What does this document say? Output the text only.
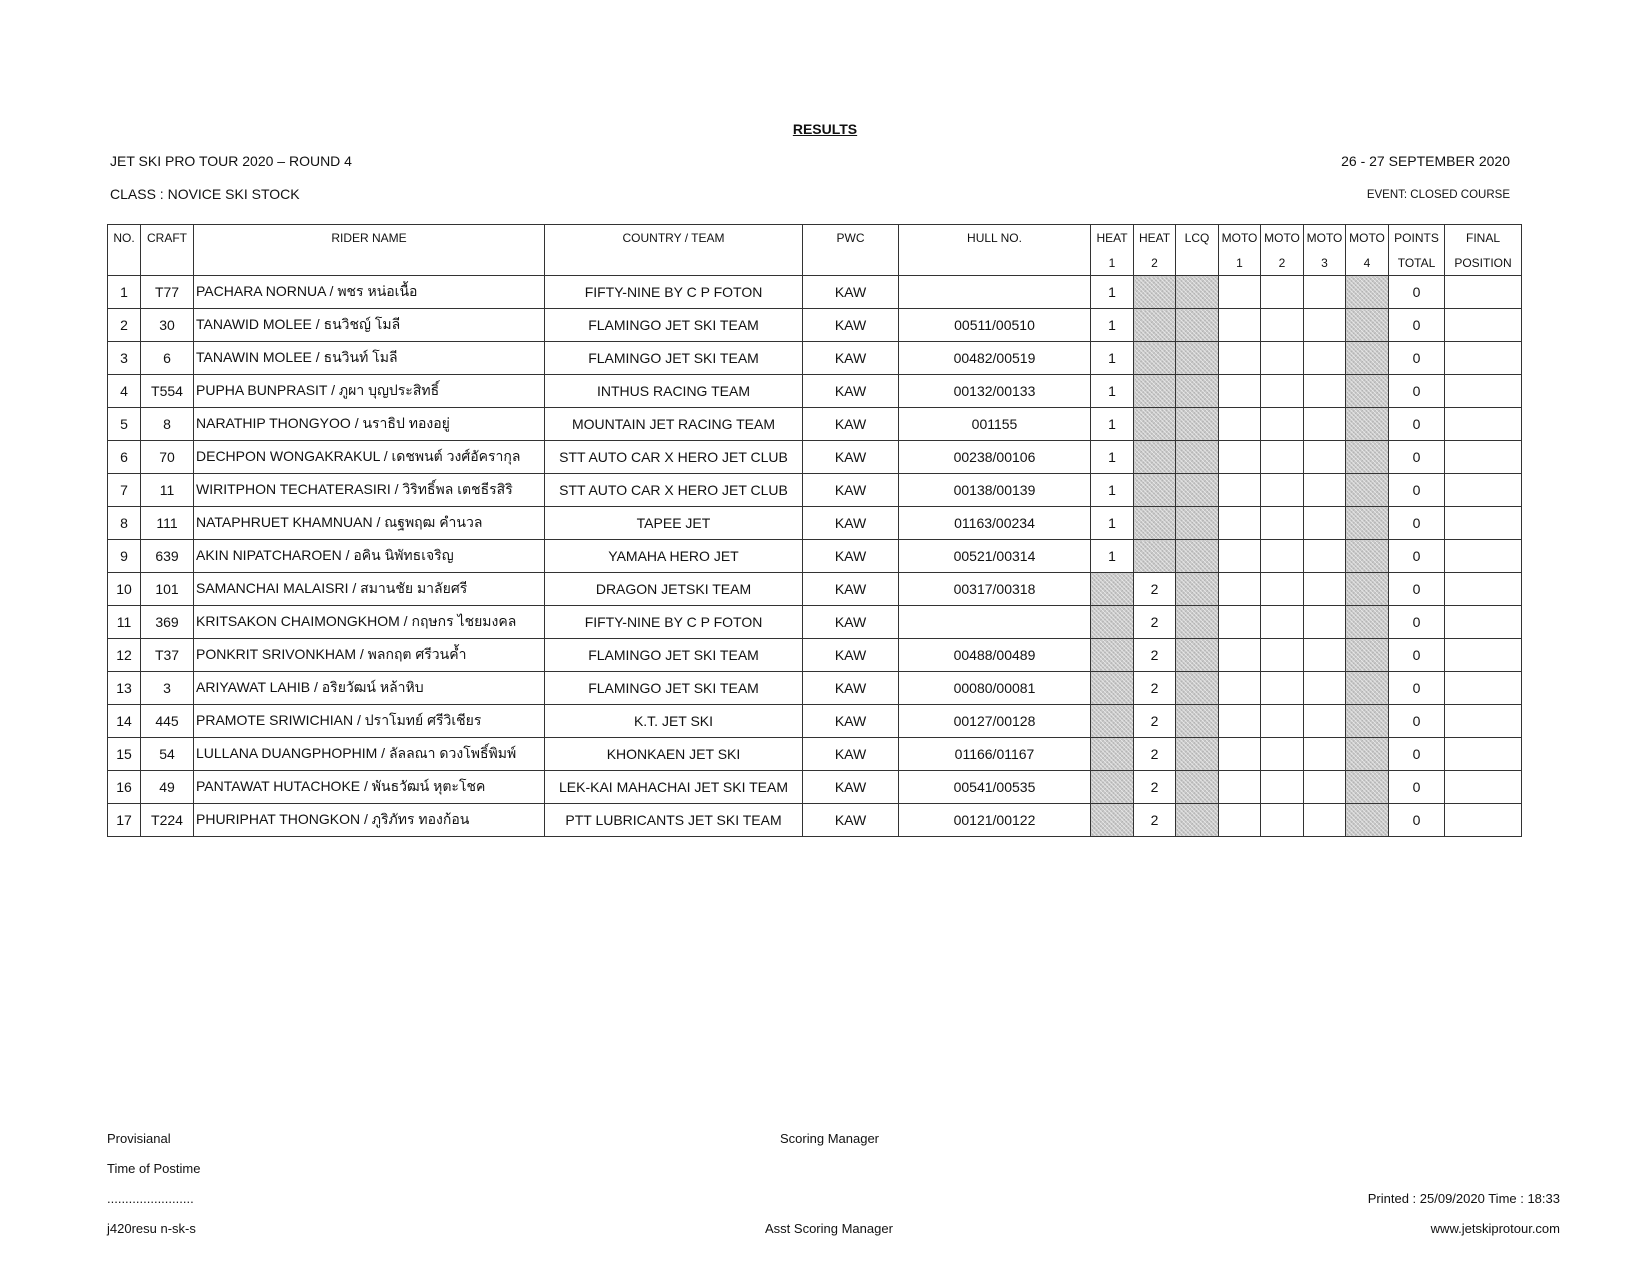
RESULTS
JET SKI PRO TOUR 2020 – ROUND 4	26 - 27 SEPTEMBER 2020
CLASS : NOVICE SKI STOCK	EVENT: CLOSED COURSE
NO.	CRAFT	RIDER NAME	COUNTRY / TEAM	PWC	HULL NO.	HEAT	HEAT	LCQ	MOTO	MOTO	MOTO	MOTO	POINTS	FINAL
						1	2		1	2	3	4	TOTAL	POSITION
1	T77	PACHARA NORNUA / พชร หน่อเนื้อ	FIFTY-NINE BY C P FOTON	KAW		1							0	
2	30	TANAWID MOLEE / ธนวิชญ์ โมลี	FLAMINGO JET SKI TEAM	KAW	00511/00510	1							0	
3	6	TANAWIN MOLEE / ธนวินท์ โมลี	FLAMINGO JET SKI TEAM	KAW	00482/00519	1							0	
4	T554	PUPHA BUNPRASIT / ภูผา บุญประสิทธิ์	INTHUS RACING TEAM	KAW	00132/00133	1							0	
5	8	NARATHIP THONGYOO / นราธิป ทองอยู่	MOUNTAIN JET RACING TEAM	KAW	001155	1							0	
6	70	DECHPON WONGAKRAKUL / เดชพนต์ วงศ์อัครากุล	STT AUTO CAR X HERO JET CLUB	KAW	00238/00106	1							0	
7	11	WIRITPHON TECHATERASIRI / วิริทธิ์พล เตชธีรสิริ	STT AUTO CAR X HERO JET CLUB	KAW	00138/00139	1							0	
8	111	NATAPHRUET KHAMNUAN / ณฐพฤฒ คำนวล	TAPEE JET	KAW	01163/00234	1							0	
9	639	AKIN NIPATCHAROEN / อคิน นิพัทธเจริญ	YAMAHA HERO JET	KAW	00521/00314	1							0	
10	101	SAMANCHAI MALAISRI / สมานชัย มาลัยศรี	DRAGON JETSKI TEAM	KAW	00317/00318		2						0	
11	369	KRITSAKON CHAIMONGKHOM / กฤษกร ไชยมงคล	FIFTY-NINE BY C P FOTON	KAW			2						0	
12	T37	PONKRIT SRIVONKHAM / พลกฤต ศรีวนค้ำ	FLAMINGO JET SKI TEAM	KAW	00488/00489		2						0	
13	3	ARIYAWAT LAHIB / อริยวัฒน์ หล้าหิบ	FLAMINGO JET SKI TEAM	KAW	00080/00081		2						0	
14	445	PRAMOTE SRIWICHIAN / ปราโมทย์ ศรีวิเชียร	K.T. JET SKI	KAW	00127/00128		2						0	
15	54	LULLANA DUANGPHOPHIM / ลัลลณา ดวงโพธิ์พิมพ์	KHONKAEN JET SKI	KAW	01166/01167		2						0	
16	49	PANTAWAT HUTACHOKE / พันธวัฒน์ หุตะโชค	LEK-KAI MAHACHAI JET SKI TEAM	KAW	00541/00535		2						0	
17	T224	PHURIPHAT THONGKON / ภูริภัทร ทองก้อน	PTT LUBRICANTS JET SKI TEAM	KAW	00121/00122		2						0	
Provisianal
Time of Postime
........................
j420resu n-sk-s
Scoring Manager
Asst Scoring Manager
Printed : 25/09/2020 Time : 18:33
www.jetskiprotour.com
